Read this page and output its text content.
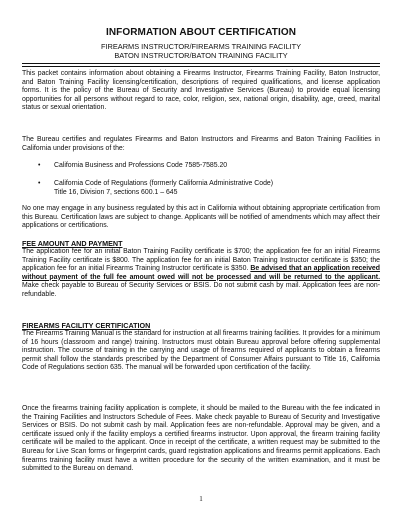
INFORMATION ABOUT CERTIFICATION
FIREARMS INSTRUCTOR/FIREARMS TRAINING FACILITY
BATON INSTRUCTOR/BATON TRAINING FACILITY
This packet contains information about obtaining a Firearms Instructor, Firearms Training Facility, Baton Instructor, and Baton Training Facility licensing/certification, descriptions of required qualifications, and license application forms. It is the policy of the Bureau of Security and Investigative Services (Bureau) to provide equal licensing opportunities for all persons without regard to race, color, religion, sex, national origin, disability, age, creed, marital status or sexual orientation.
The Bureau certifies and regulates Firearms and Baton Instructors and Firearms and Baton Training Facilities in California under provisions of the:
• California Business and Professions Code 7585-7585.20
• California Code of Regulations (formerly California Administrative Code)
Title 16, Division 7, sections 600.1 – 645
No one may engage in any business regulated by this act in California without obtaining appropriate certification from this Bureau. Certification laws are subject to change. Applicants will be notified of amendments which may affect their applications or certifications.
FEE AMOUNT AND PAYMENT
The application fee for an initial Baton Training Facility certificate is $700; the application fee for an initial Firearms Training Facility certificate is $800. The application fee for an initial Baton Training Instructor certificate is $350; the application fee for an initial Firearms Training Instructor certificate is $350. Be advised that an application received without payment of the full fee amount owed will not be processed and will be returned to the applicant. Make check payable to Bureau of Security Services or BSIS. Do not submit cash by mail. Application fees are non-refundable.
FIREARMS FACILITY CERTIFICATION
The Firearms Training Manual is the standard for instruction at all firearms training facilities. It provides for a minimum of 16 hours (classroom and range) training. Instructors must obtain Bureau approval before offering supplemental instruction. The course of training in the carrying and usage of firearms required of applicants to obtain a firearms permit shall follow the standards prescribed by the Department of Consumer Affairs pursuant to Title 16, California Code of Regulations section 635. The manual will be forwarded upon certification of the facility.
Once the firearms training facility application is complete, it should be mailed to the Bureau with the fee indicated in the Training Facilities and Instructors Schedule of Fees. Make check payable to Bureau of Security and Investigative Services or BSIS. Do not submit cash by mail. Application fees are non-refundable. Approval may be given, and a certificate issued only if the facility employs a certified firearms instructor. Upon approval, the firearm training facility certificate will be mailed to the applicant. Once in receipt of the certificate, a written request may be submitted to the Bureau for Live Scan forms or fingerprint cards, guard registration applications and firearms permit applications. Each firearms training facility must have a written procedure for the security of the written examination, and it must be submitted to the Bureau on demand.
1
